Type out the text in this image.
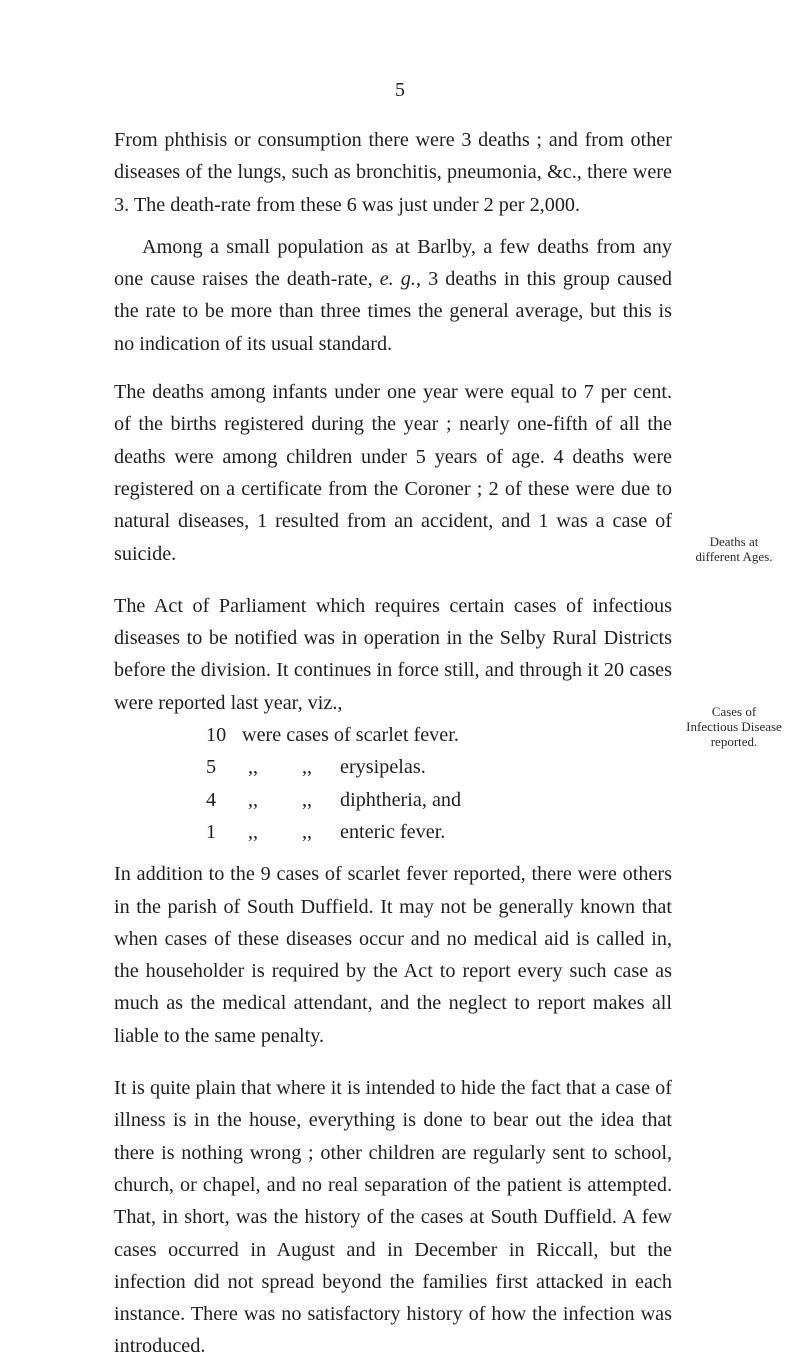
5
Deaths at different Ages.
Cases of Infectious Disease reported.

From phthisis or consumption there were 3 deaths ; and from other diseases of the lungs, such as bronchitis, pneumonia, &c., there were 3. The death-rate from these 6 was just under 2 per 2,000.

Among a small population as at Barlby, a few deaths from any one cause raises the death-rate, e. g., 3 deaths in this group caused the rate to be more than three times the general average, but this is no indication of its usual standard.

The deaths among infants under one year were equal to 7 per cent. of the births registered during the year ; nearly one-fifth of all the deaths were among children under 5 years of age. 4 deaths were registered on a certificate from the Coroner ; 2 of these were due to natural diseases, 1 resulted from an accident, and 1 was a case of suicide.

The Act of Parliament which requires certain cases of infectious diseases to be notified was in operation in the Selby Rural Districts before the division. It continues in force still, and through it 20 cases were reported last year, viz.,

10 were cases of scarlet fever.
5	,,	,,	erysipelas.
4	,,	,,	diphtheria, and
1	,,	,,	enteric fever.

In addition to the 9 cases of scarlet fever reported, there were others in the parish of South Duffield. It may not be generally known that when cases of these diseases occur and no medical aid is called in, the householder is required by the Act to report every such case as much as the medical attendant, and the neglect to report makes all liable to the same penalty.

It is quite plain that where it is intended to hide the fact that a case of illness is in the house, everything is done to bear out the idea that there is nothing wrong ; other children are regularly sent to school, church, or chapel, and no real separation of the patient is attempted. That, in short, was the history of the cases at South Duffield. A few cases occurred in August and in December in Riccall, but the infection did not spread beyond the families first attacked in each instance. There was no satisfactory history of how the infection was introduced.
